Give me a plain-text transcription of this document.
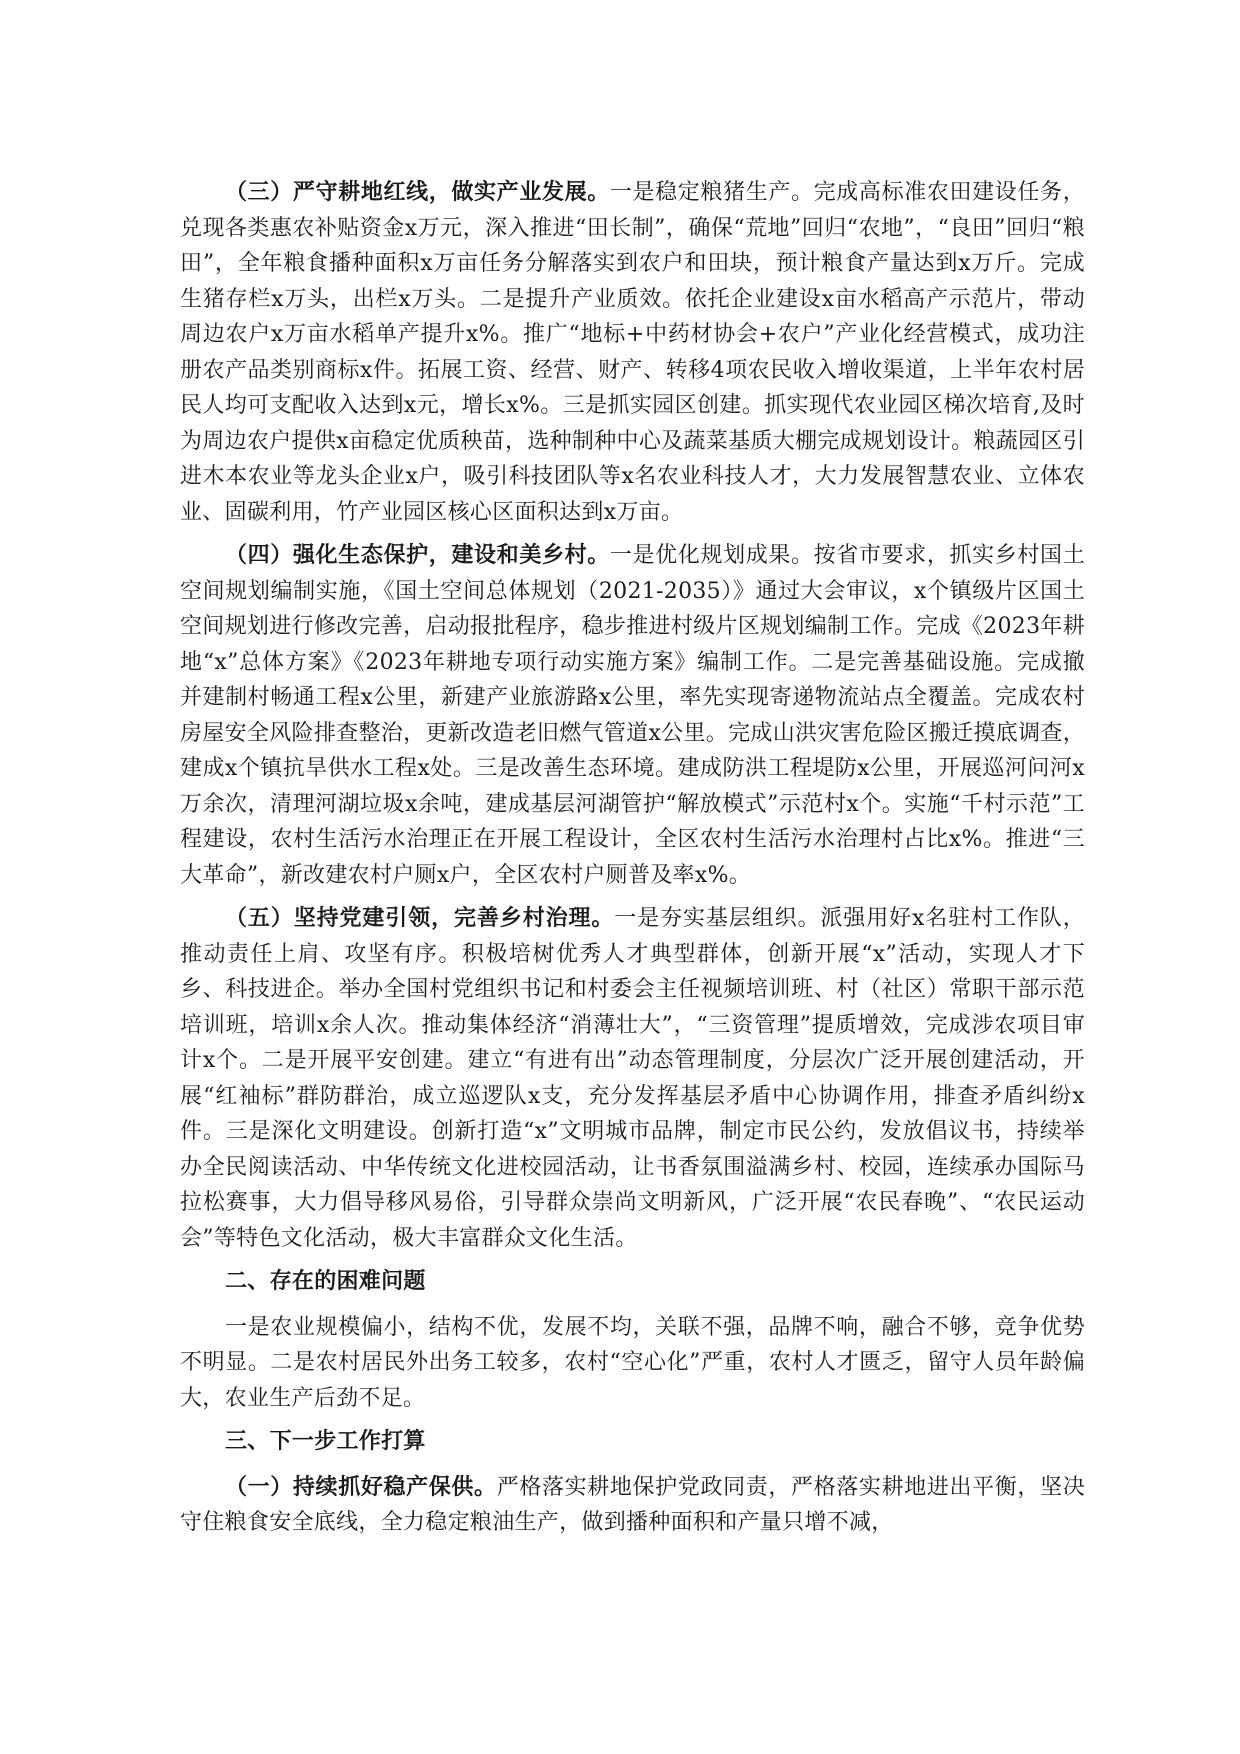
（三）严守耕地红线，做实产业发展。一是稳定粮猪生产。完成高标准农田建设任务，兑现各类惠农补贴资金x万元，深入推进“田长制”，确保“荒地”回归“农地”，“良田”回归“粮田”，全年粮食播种面积x万亩任务分解落实到农户和田块，预计粮食产量达到x万斤。完成生猪存栏x万头，出栏x万头。二是提升产业质效。依托企业建设x亩水稻高产示范片，带动周边农户x万亩水稻单产提升x%。推广“地标+中药材协会+农户”产业化经营模式，成功注册农产品类别商标x件。拓展工资、经营、财产、转移4项农民收入增收渠道，上半年农村居民人均可支配收入达到x元，增长x%。三是抓实园区创建。抓实现代农业园区梯次培育,及时为周边农户提供x亩稳定优质秧苗，选种制种中心及蔬菜基质大棚完成规划设计。粮蔬园区引进木本农业等龙头企业x户，吸引科技团队等x名农业科技人才，大力发展智慧农业、立体农业、固碳利用，竹产业园区核心区面积达到x万亩。

（四）强化生态保护，建设和美乡村。一是优化规划成果。按省市要求，抓实乡村国土空间规划编制实施，《国土空间总体规划（2021-2035）》通过大会审议，x个镇级片区国土空间规划进行修改完善，启动报批程序，稳步推进村级片区规划编制工作。完成《2023年耕地“x”总体方案》《2023年耕地专项行动实施方案》编制工作。二是完善基础设施。完成撤并建制村畅通工程x公里，新建产业旅游路x公里，率先实现寄递物流站点全覆盖。完成农村房屋安全风险排查整治，更新改造老旧燃气管道x公里。完成山洪灾害危险区搬迁摸底调查，建成x个镇抗旱供水工程x处。三是改善生态环境。建成防洪工程堤防x公里，开展巡河问河x万余次，清理河湖垃圾x余吨，建成基层河湖管护“解放模式”示范村x个。实施“千村示范”工程建设，农村生活污水治理正在开展工程设计，全区农村生活污水治理村占比x%。推进“三大革命”，新改建农村户厕x户，全区农村户厕普及率x%。

（五）坚持党建引领，完善乡村治理。一是夯实基层组织。派强用好x名驻村工作队，推动责任上肩、攻坚有序。积极培树优秀人才典型群体，创新开展“x”活动，实现人才下乡、科技进企。举办全国村党组织书记和村委会主任视频培训班、村（社区）常职干部示范培训班，培训x余人次。推动集体经济“消薄壮大”，“三资管理”提质增效，完成涉农项目审计x个。二是开展平安创建。建立“有进有出”动态管理制度，分层次广泛开展创建活动，开展“红袖标”群防群治，成立巡逻队x支，充分发挥基层矛盾中心协调作用，排查矛盾纠纷x件。三是深化文明建设。创新打造“x”文明城市品牌，制定市民公约，发放倡议书，持续举办全民阅读活动、中华传统文化进校园活动，让书香氛围溢满乡村、校园，连续承办国际马拉松赛事，大力倡导移风易俗，引导群众崇尚文明新风，广泛开展“农民春晚”、“农民运动会”等特色文化活动，极大丰富群众文化生活。

二、存在的困难问题

一是农业规模偏小，结构不优，发展不均，关联不强，品牌不响，融合不够，竞争优势不明显。二是农村居民外出务工较多，农村“空心化”严重，农村人才匮乏，留守人员年龄偏大，农业生产后劲不足。

三、下一步工作打算

（一）持续抓好稳产保供。严格落实耕地保护党政同责，严格落实耕地进出平衡，坚决守住粮食安全底线，全力稳定粮油生产，做到播种面积和产量只增不减，
